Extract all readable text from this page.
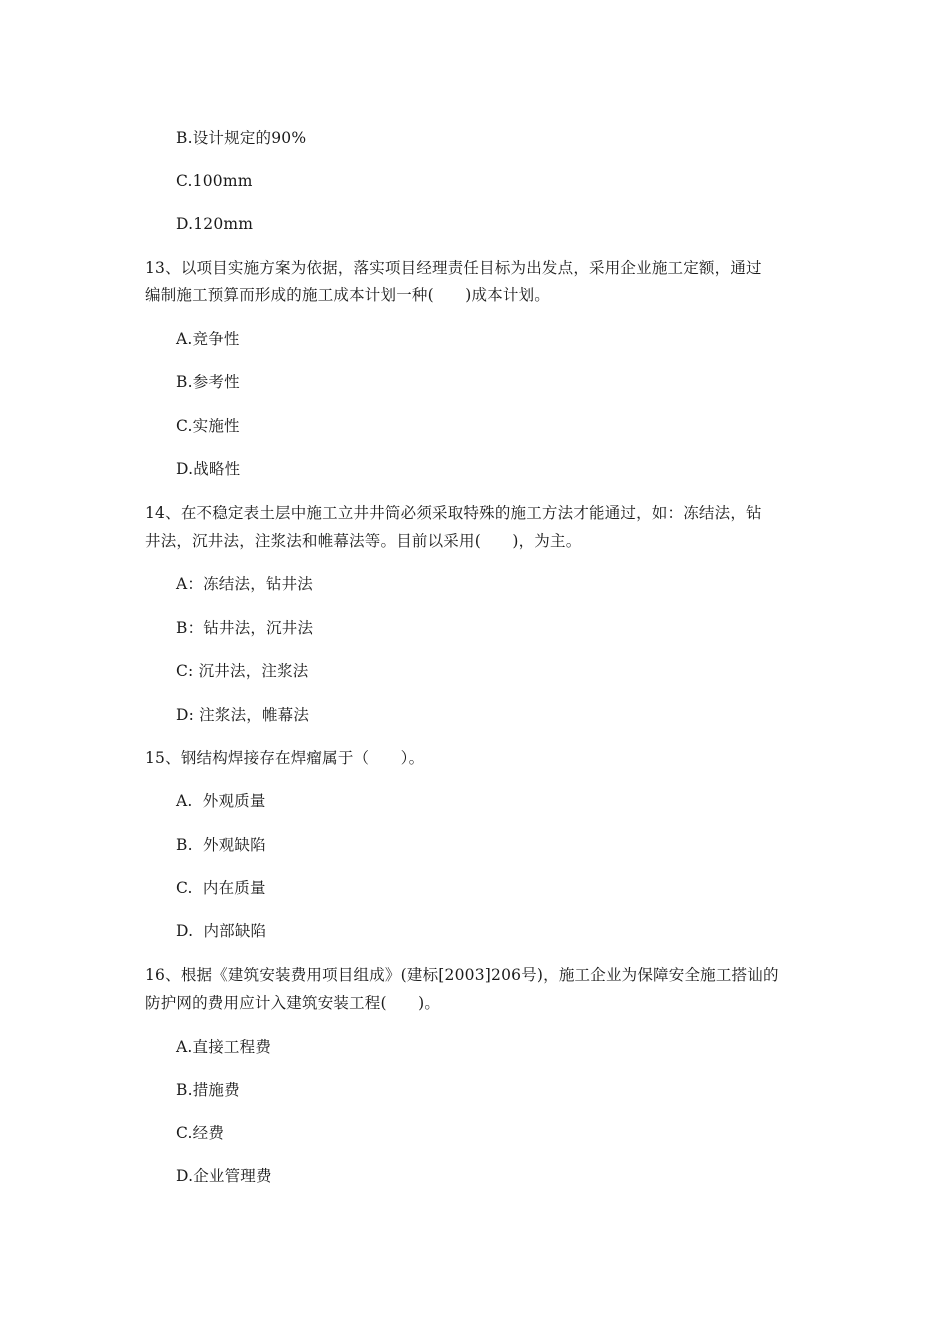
B.设计规定的90%
C.100mm
D.120mm
13、以项目实施方案为依据，落实项目经理责任目标为出发点，采用企业施工定额，通过
编制施工预算而形成的施工成本计划一种(　　)成本计划。
A.竞争性
B.参考性
C.实施性
D.战略性
14、在不稳定表土层中施工立井井筒必须采取特殊的施工方法才能通过，如：冻结法，钻
井法，沉井法，注浆法和帷幕法等。目前以采用(　　)，为主。
A：冻结法，钻井法
B：钻井法，沉井法
C: 沉井法，注浆法
D: 注浆法，帷幕法
15、钢结构焊接存在焊瘤属于（　　）。
A.  外观质量
B.  外观缺陷
C.  内在质量
D.  内部缺陷
16、根据《建筑安装费用项目组成》(建标[2003]206号)，施工企业为保障安全施工搭讪的
防护网的费用应计入建筑安装工程(　　)。
A.直接工程费
B.措施费
C.经费
D.企业管理费
